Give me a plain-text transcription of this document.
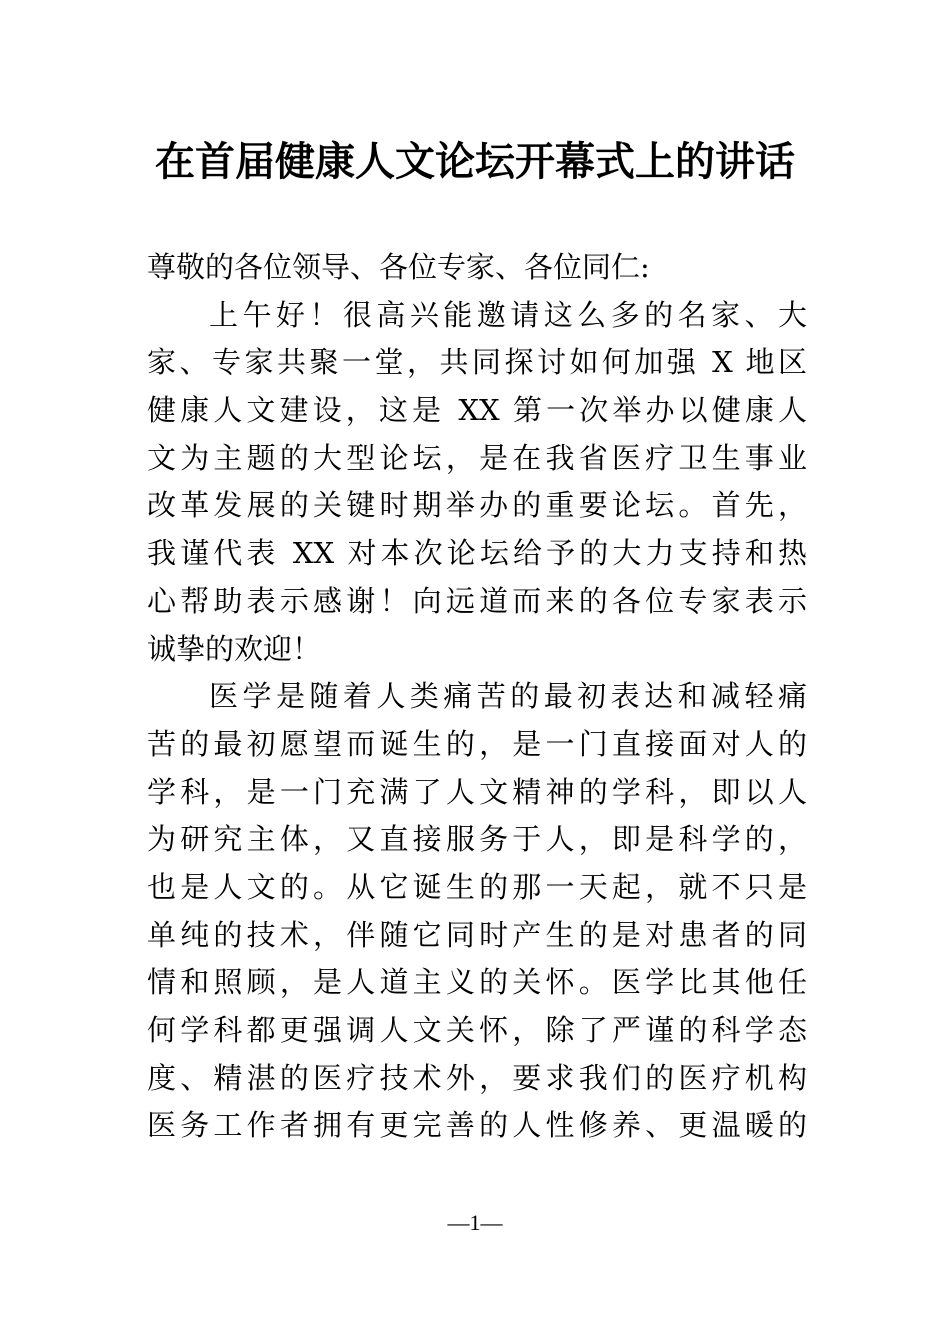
在首届健康人文论坛开幕式上的讲话
尊敬的各位领导、各位专家、各位同仁:
上午好！很高兴能邀请这么多的名家、大
家、专家共聚一堂，共同探讨如何加强 X 地区
健康人文建设，这是 XX 第一次举办以健康人
文为主题的大型论坛，是在我省医疗卫生事业
改革发展的关键时期举办的重要论坛。首先，
我谨代表 XX 对本次论坛给予的大力支持和热
心帮助表示感谢！向远道而来的各位专家表示
诚挚的欢迎！
医学是随着人类痛苦的最初表达和减轻痛
苦的最初愿望而诞生的，是一门直接面对人的
学科，是一门充满了人文精神的学科，即以人
为研究主体，又直接服务于人，即是科学的，
也是人文的。从它诞生的那一天起，就不只是
单纯的技术，伴随它同时产生的是对患者的同
情和照顾，是人道主义的关怀。医学比其他任
何学科都更强调人文关怀，除了严谨的科学态
度、精湛的医疗技术外，要求我们的医疗机构
医务工作者拥有更完善的人性修养、更温暖的
—1—
